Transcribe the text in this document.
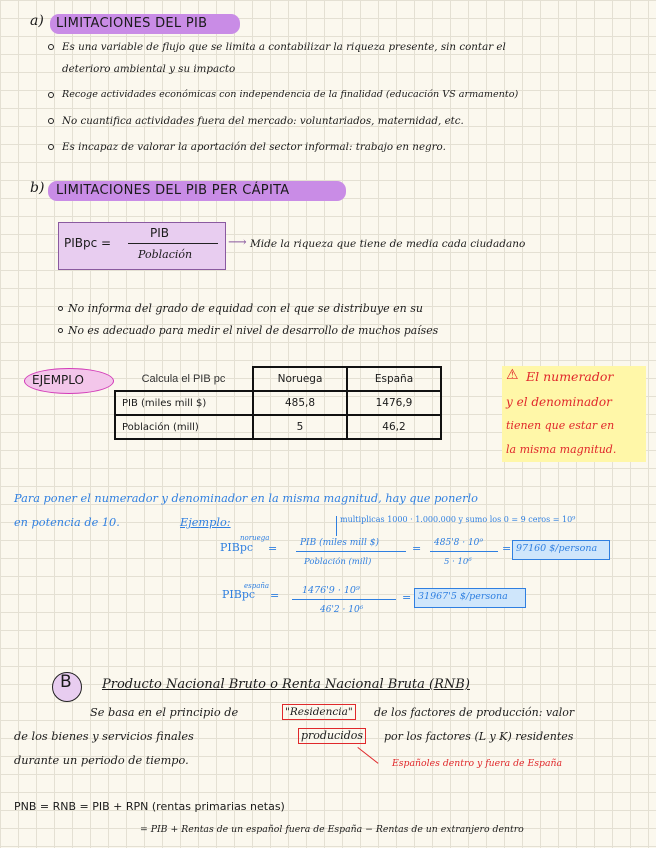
a) LIMITACIONES DEL PIB
Es una variable de flujo que se limita a contabilizar la riqueza presente, sin contar el
deterioro ambiental y su impacto
Recoge actividades económicas con independencia de la finalidad (educación VS armamento)
No cuantifica actividades fuera del mercado: voluntariados, maternidad, etc.
Es incapaz de valorar la aportación del sector informal: trabajo en negro.
b) LIMITACIONES DEL PIB PER CÁPITA
PIBpc =
PIB
Población
⟶ Mide la riqueza que tiene de media cada ciudadano
No informa del grado de equidad con el que se distribuye en su
No es adecuado para medir el nivel de desarrollo de muchos países
EJEMPLO	Calcula el PIB pc	Noruega	España
PIB (miles mill $)	485,8	1476,9
Población (mill)	5	46,2
⚠ El numerador
y el denominador
tienen que estar en
la misma magnitud.
Para poner el numerador y denominador en la misma magnitud, hay que ponerlo
en potencia de 10.	Ejemplo:	multiplicas 1000 · 1.000.000 y sumo los 0 = 9 ceros = 10⁹
PIBpc
noruega
=	PIB (miles mill $)
Población (mill)
= 485'8 · 10⁹
5 · 10⁶
= 97160 $/persona
PIBpc
españa
= 1476'9 · 10⁹
46'2 · 10⁶
= 31967'5 $/persona
B Producto Nacional Bruto o Renta Nacional Bruta (RNB)
Se basa en el principio de	"Residencia" de los factores de producción: valor
de los bienes y servicios finales	producidos por los factores (L y K) residentes
durante un periodo de tiempo.	Españoles dentro y fuera de España
PNB = RNB = PIB + RPN (rentas primarias netas)
= PIB + Rentas de un español fuera de España − Rentas de un extranjero dentro
